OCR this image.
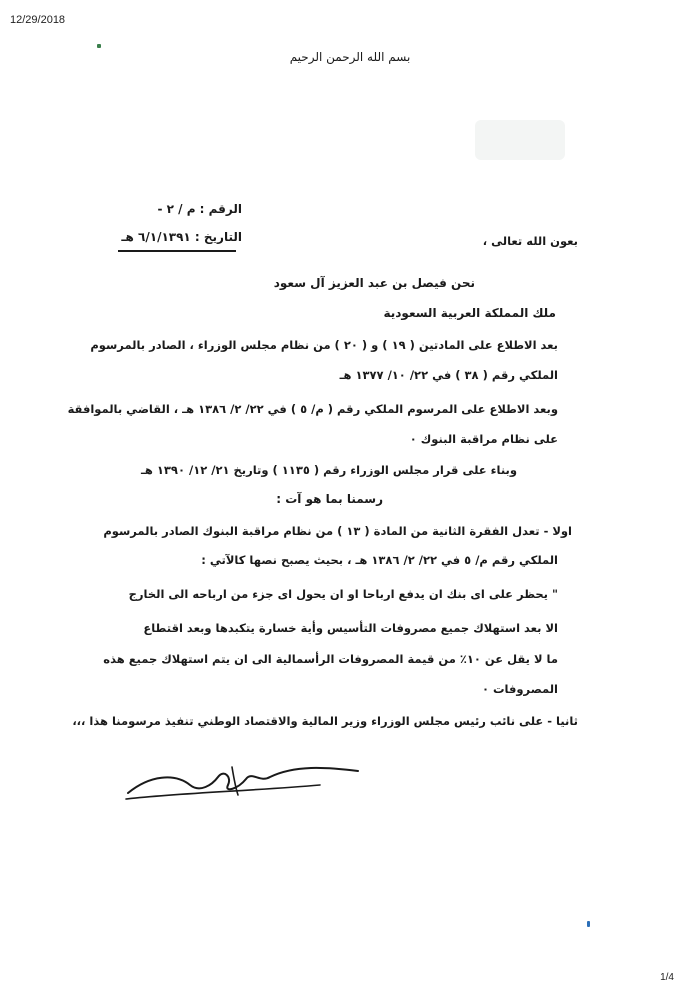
12/29/2018
بسم الله الرحمن الرحيم
الرقم : م / ٢ -
التاريخ : ٦/١/١٣٩١ هـ	بعون الله تعالى ،
نحن فيصل بن عبد العزيز آل سعود
ملك المملكة العربية السعودية
بعد الاطلاع على المادتين ( ١٩ ) و ( ٢٠ ) من نظام مجلس الوزراء ، الصادر بالمرسوم
الملكي رقم ( ٣٨ ) في ٢٢/ ١٠/ ١٣٧٧ هـ
وبعد الاطلاع على المرسوم الملكي رقم ( م/ ٥ ) في ٢٢/ ٢/ ١٣٨٦ هـ ، القاضي بالموافقة
على نظام مراقبة البنوك ٠
وبناء على قرار مجلس الوزراء رقم ( ١١٣٥ ) وتاريخ ٢١/ ١٢/ ١٣٩٠ هـ
رسمنا بما هو آت :
اولا - تعدل الفقرة الثانية من المادة ( ١٣ ) من نظام مراقبة البنوك الصادر بالمرسوم
الملكي رقم م/ ٥ في ٢٢/ ٢/ ١٣٨٦ هـ ، بحيث يصبح نصها كالآتي :
" يحظر على اى بنك ان يدفع ارباحا او ان يحول اى جزء من ارباحه الى الخارج
الا بعد استهلاك جميع مصروفات التأسيس وأية خسارة يتكبدها وبعد اقتطاع
ما لا يقل عن ١٠٪ من قيمة المصروفات الرأسمالية الى ان يتم استهلاك جميع هذه
المصروفات ٠
ثانيا - على نائب رئيس مجلس الوزراء وزير المالية والاقتصاد الوطني تنفيذ مرسومنا هذا ،،،
1/4
